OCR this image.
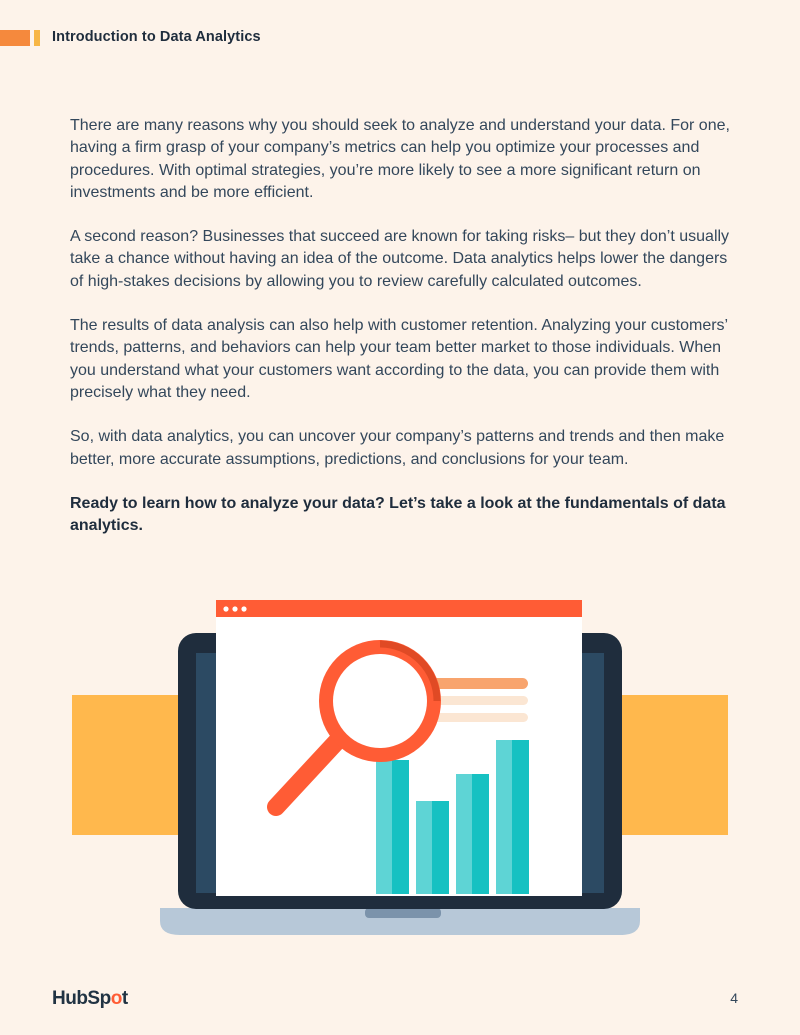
Introduction to Data Analytics

There are many reasons why you should seek to analyze and understand your data. For one, having a firm grasp of your company’s metrics can help you optimize your processes and procedures. With optimal strategies, you’re more likely to see a more significant return on investments and be more efficient.

A second reason? Businesses that succeed are known for taking risks– but they don’t usually take a chance without having an idea of the outcome. Data analytics helps lower the dangers of high-stakes decisions by allowing you to review carefully calculated outcomes.

The results of data analysis can also help with customer retention. Analyzing your customers’ trends, patterns, and behaviors can help your team better market to those individuals. When you understand what your customers want according to the data, you can provide them with precisely what they need.

So, with data analytics, you can uncover your company’s patterns and trends and then make better, more accurate assumptions, predictions, and conclusions for your team.

Ready to learn how to analyze your data? Let’s take a look at the fundamentals of data analytics.

HubSpot	4
